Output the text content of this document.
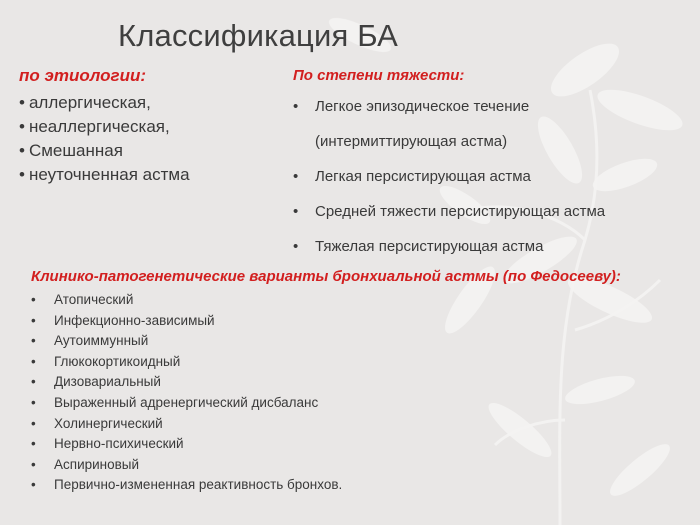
Классификация БА
по этиологии:
• аллергическая,
• неаллергическая,
• Смешанная
• неуточненная астма
По степени тяжести:
• Легкое эпизодическое течение
(интермиттирующая астма)
• Легкая персистирующая астма
• Средней тяжести персистирующая астма
• Тяжелая персистирующая астма
Клинико-патогенетические варианты бронхиальной астмы (по Федосееву):
• Атопический
• Инфекционно-зависимый
• Аутоиммунный
• Глюкокортикоидный
• Дизовариальный
• Выраженный адренергический дисбаланс
• Холинергический
• Нервно-психический
• Аспириновый
• Первично-измененная реактивность бронхов.
